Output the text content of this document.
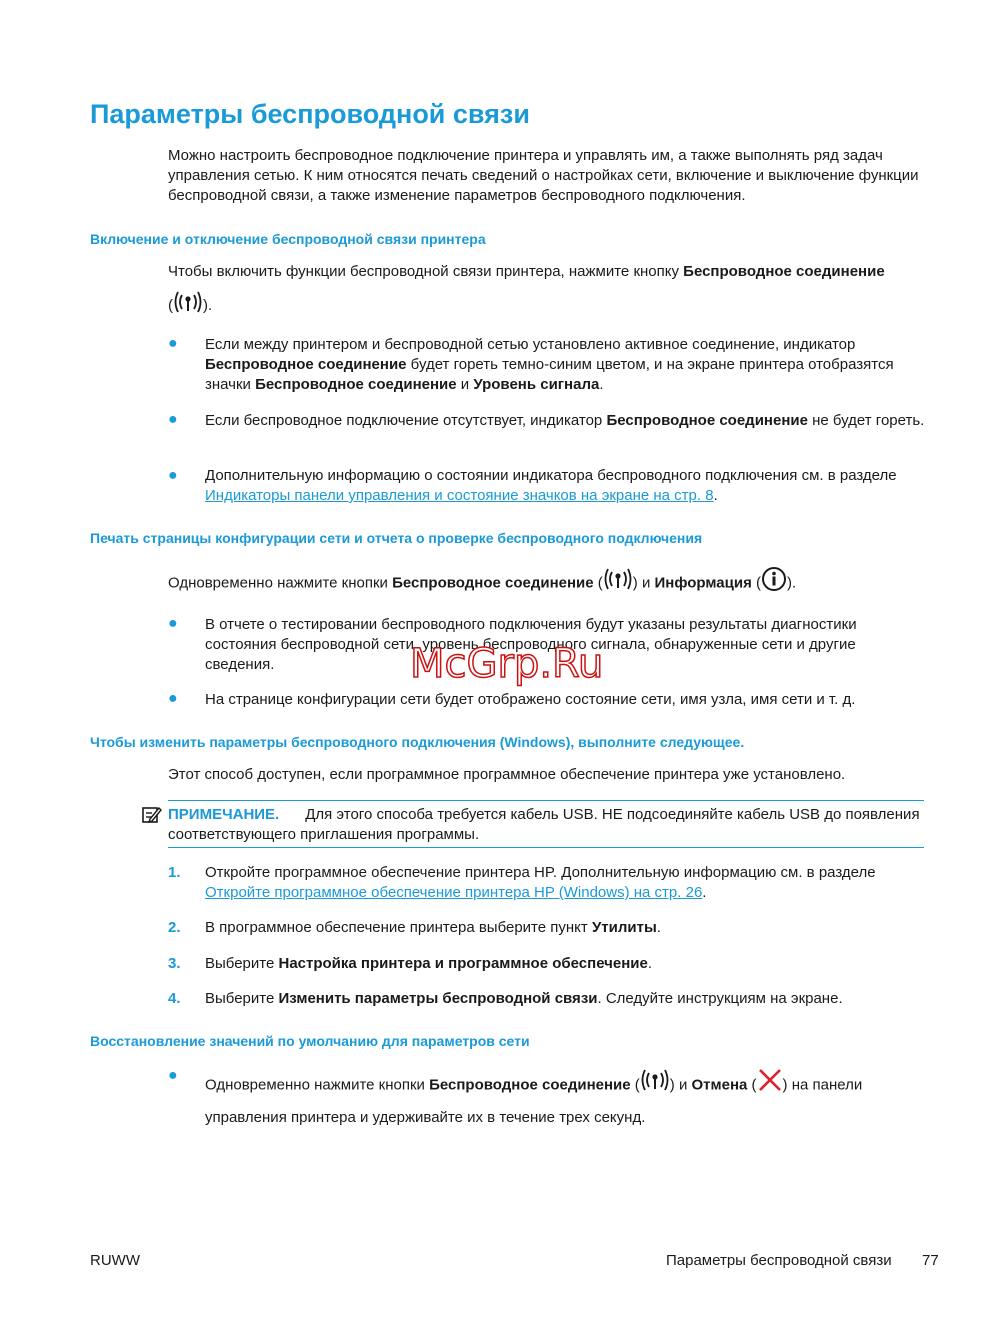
Параметры беспроводной связи
Можно настроить беспроводное подключение принтера и управлять им, а также выполнять ряд задач управления сетью. К ним относятся печать сведений о настройках сети, включение и выключение функции беспроводной связи, а также изменение параметров беспроводного подключения.
Включение и отключение беспроводной связи принтера
Чтобы включить функции беспроводной связи принтера, нажмите кнопку Беспроводное соединение
( ).
● Если между принтером и беспроводной сетью установлено активное соединение, индикатор Беспроводное соединение будет гореть темно-синим цветом, и на экране принтера отобразятся значки Беспроводное соединение и Уровень сигнала.
● Если беспроводное подключение отсутствует, индикатор Беспроводное соединение не будет гореть.
● Дополнительную информацию о состоянии индикатора беспроводного подключения см. в разделе Индикаторы панели управления и состояние значков на экране на стр. 8.
Печать страницы конфигурации сети и отчета о проверке беспроводного подключения
Одновременно нажмите кнопки Беспроводное соединение ( ) и Информация ( ).
● В отчете о тестировании беспроводного подключения будут указаны результаты диагностики состояния беспроводной сети, уровень беспроводного сигнала, обнаруженные сети и другие сведения.
● На странице конфигурации сети будет отображено состояние сети, имя узла, имя сети и т. д.
McGrp.Ru
Чтобы изменить параметры беспроводного подключения (Windows), выполните следующее.
Этот способ доступен, если программное программное обеспечение принтера уже установлено.
ПРИМЕЧАНИЕ. Для этого способа требуется кабель USB. НЕ подсоединяйте кабель USB до появления соответствующего приглашения программы.
1. Откройте программное обеспечение принтера HP. Дополнительную информацию см. в разделе Откройте программное обеспечение принтера HP (Windows) на стр. 26.
2. В программное обеспечение принтера выберите пункт Утилиты.
3. Выберите Настройка принтера и программное обеспечение.
4. Выберите Изменить параметры беспроводной связи. Следуйте инструкциям на экране.
Восстановление значений по умолчанию для параметров сети
●
Одновременно нажмите кнопки Беспроводное соединение ( ) и Отмена ( ) на панели управления принтера и удерживайте их в течение трех секунд.
RUWW	Параметры беспроводной связи 77
